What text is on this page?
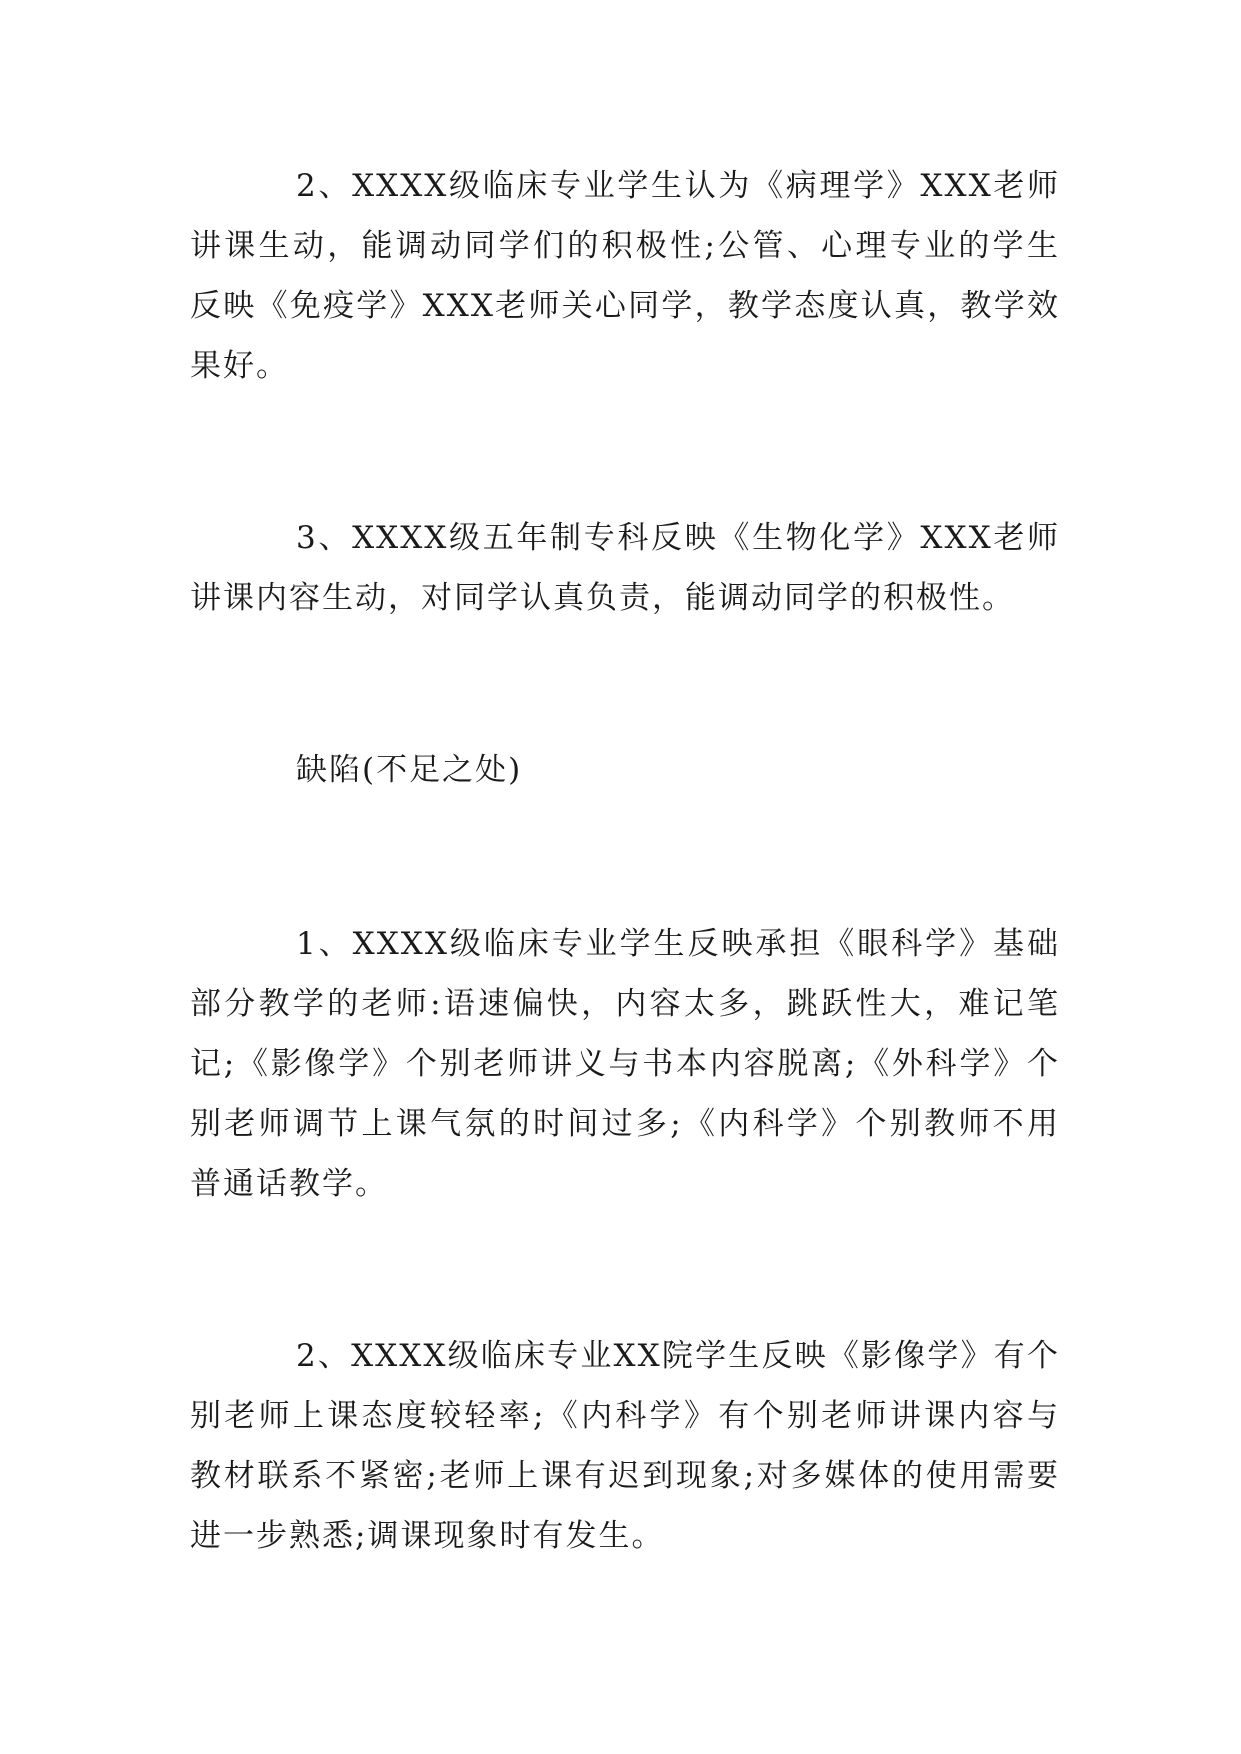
2、XXXX级临床专业学生认为《病理学》XXX老师讲课生动，能调动同学们的积极性;公管、心理专业的学生反映《免疫学》XXX老师关心同学，教学态度认真，教学效果好。

3、XXXX级五年制专科反映《生物化学》XXX老师讲课内容生动，对同学认真负责，能调动同学的积极性。

缺陷(不足之处)

1、XXXX级临床专业学生反映承担《眼科学》基础部分教学的老师:语速偏快，内容太多，跳跃性大，难记笔记;《影像学》个别老师讲义与书本内容脱离;《外科学》个别老师调节上课气氛的时间过多;《内科学》个别教师不用普通话教学。

2、XXXX级临床专业XX院学生反映《影像学》有个别老师上课态度较轻率;《内科学》有个别老师讲课内容与教材联系不紧密;老师上课有迟到现象;对多媒体的使用需要进一步熟悉;调课现象时有发生。
